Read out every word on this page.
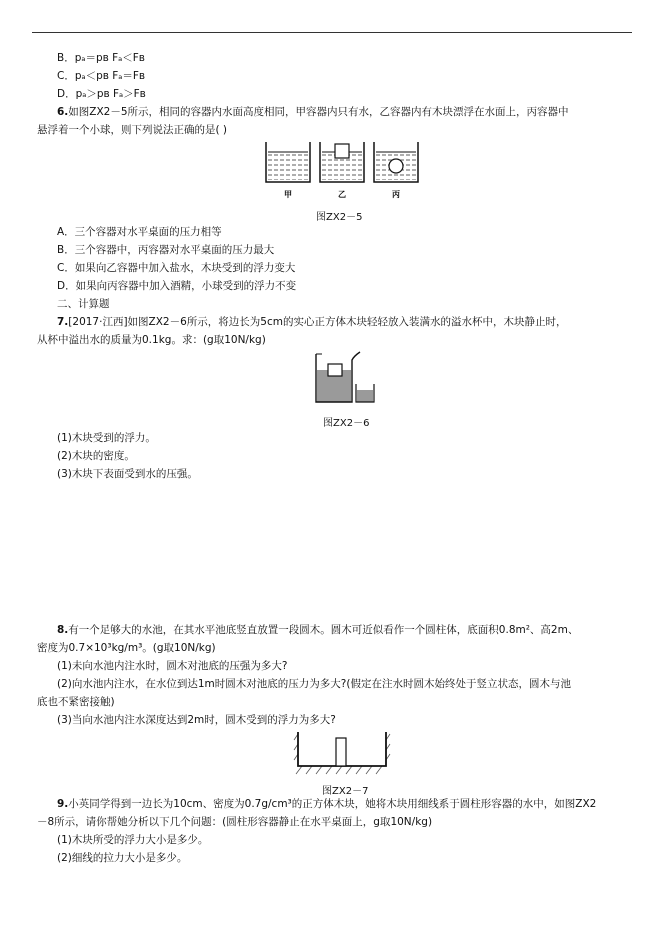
B．pₐ＝pʙ Fₐ＜Fʙ
C．pₐ＜pʙ Fₐ＝Fʙ
D．pₐ＞pʙ Fₐ＞Fʙ
6.如图ZX2－5所示，相同的容器内水面高度相同，甲容器内只有水，乙容器内有木块漂浮在水面上，丙容器中
悬浮着一个小球，则下列说法正确的是( )
甲	乙	丙
图ZX2－5
A．三个容器对水平桌面的压力相等
B．三个容器中，丙容器对水平桌面的压力最大
C．如果向乙容器中加入盐水，木块受到的浮力变大
D．如果向丙容器中加入酒精，小球受到的浮力不变
二、计算题
7.[2017·江西]如图ZX2－6所示，将边长为5cm的实心正方体木块轻轻放入装满水的溢水杯中，木块静止时，
从杯中溢出水的质量为0.1kg。求：(g取10N/kg)
图ZX2－6
(1)木块受到的浮力。
(2)木块的密度。
(3)木块下表面受到水的压强。
8.有一个足够大的水池，在其水平池底竖直放置一段圆木。圆木可近似看作一个圆柱体，底面积0.8m²、高2m、
密度为0.7×10³kg/m³。(g取10N/kg)
(1)未向水池内注水时，圆木对池底的压强为多大?
(2)向水池内注水，在水位到达1m时圆木对池底的压力为多大?(假定在注水时圆木始终处于竖立状态，圆木与池
底也不紧密接触)
(3)当向水池内注水深度达到2m时，圆木受到的浮力为多大?
图ZX2－7
9.小英同学得到一边长为10cm、密度为0.7g/cm³的正方体木块，她将木块用细线系于圆柱形容器的水中，如图ZX2
－8所示，请你帮她分析以下几个问题：(圆柱形容器静止在水平桌面上，g取10N/kg)
(1)木块所受的浮力大小是多少。
(2)细线的拉力大小是多少。
